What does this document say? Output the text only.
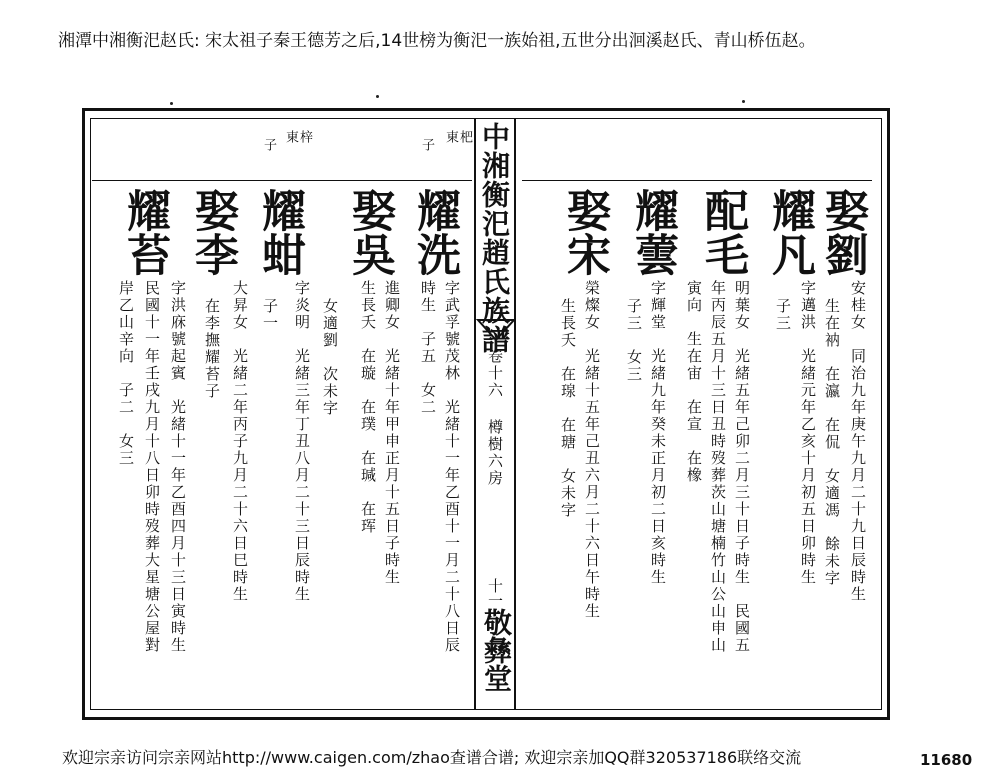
湘潭中湘衡汜赵氏: 宋太祖子秦王德芳之后,14世榜为衡汜一族始祖,五世分出洄溪赵氏、青山桥伍赵。
中湘衡汜趙氏族譜
卷十六 樽樹六房
十一
敬彝堂
娶劉
耀凡
配毛
耀蕓
娶宋
安桂女　同治九年庚午九月二十九日辰時生
生在衲　在瀛　在侃　女適馮　餘未字
字邁洪　光緒元年乙亥十月初五日卯時生
子三
明葉女　光緒五年己卯二月三十日子時生　民國五
年丙辰五月十三日丑時歿葬茨山塘楠竹山公山申山
寅向　生在宙　在宣　在橡
字輝堂　光緒九年癸未正月初二日亥時生
子三　女三
榮燦女　光緒十五年己丑六月二十六日午時生
生長夭　在瑔　在瑭　女未字
東 杷
子
東 梓
子
耀洗
娶吳
耀蚶
娶李
耀苔
字武孚號茂林　光緒十一年乙酉十一月二十八日辰
時生　子五　女二
進卿女　光緒十年甲申正月十五日子時生
生長夭　在璇　在璞　在瑊　在珲
女適劉　次未字
字炎明　光緒三年丁丑八月二十三日辰時生
子一
大昇女　光緒二年丙子九月二十六日巳時生
在李撫耀苔子
字洪庥號起賓　光緒十一年乙酉四月十三日寅時生
民國十一年壬戌九月十八日卯時歿葬大星塘公屋對
岸乙山辛向　子二　女三
欢迎宗亲访问宗亲网站http://www.caigen.com/zhao查谱合谱; 欢迎宗亲加QQ群320537186联络交流	11680
